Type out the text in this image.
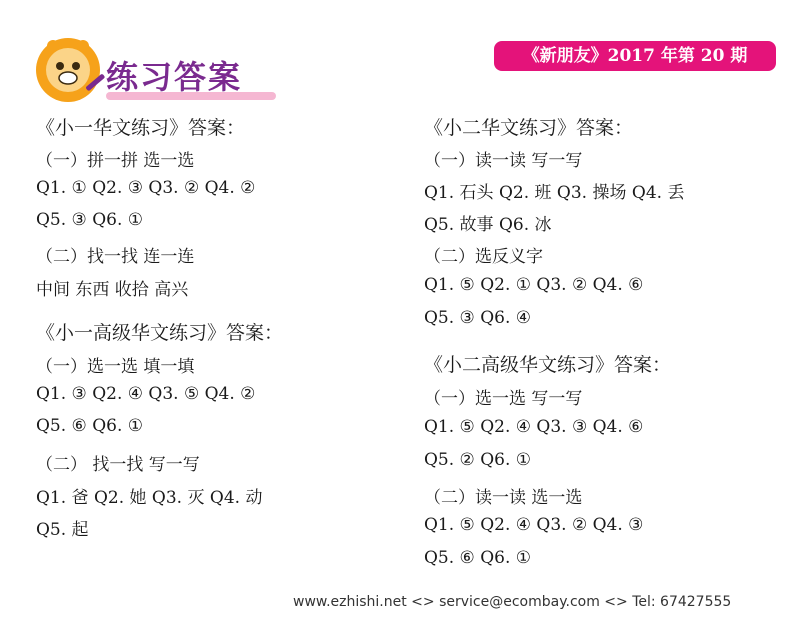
练习答案
《新朋友》2017 年第 20 期
《小一华文练习》答案：
（一）拼一拼 选一选
Q1. ① Q2. ③ Q3. ② Q4. ②
Q5. ③ Q6. ①
（二）找一找 连一连
中间 东西 收拾 高兴
《小一高级华文练习》答案：
（一）选一选 填一填
Q1. ③ Q2. ④ Q3. ⑤ Q4. ②
Q5. ⑥ Q6. ①
（二） 找一找 写一写
Q1. 爸 Q2. 她 Q3. 灭 Q4. 动
Q5. 起
《小二华文练习》答案：
（一）读一读 写一写
Q1. 石头 Q2. 班 Q3. 操场 Q4. 丢
Q5. 故事 Q6. 冰
（二）选反义字
Q1. ⑤ Q2. ① Q3. ② Q4. ⑥
Q5. ③ Q6. ④
《小二高级华文练习》答案：
（一）选一选 写一写
Q1. ⑤ Q2. ④ Q3. ③ Q4. ⑥
Q5. ② Q6. ①
（二）读一读 选一选
Q1. ⑤ Q2. ④ Q3. ② Q4. ③
Q5. ⑥ Q6. ①
www.ezhishi.net <> service@ecombay.com <> Tel: 67427555
